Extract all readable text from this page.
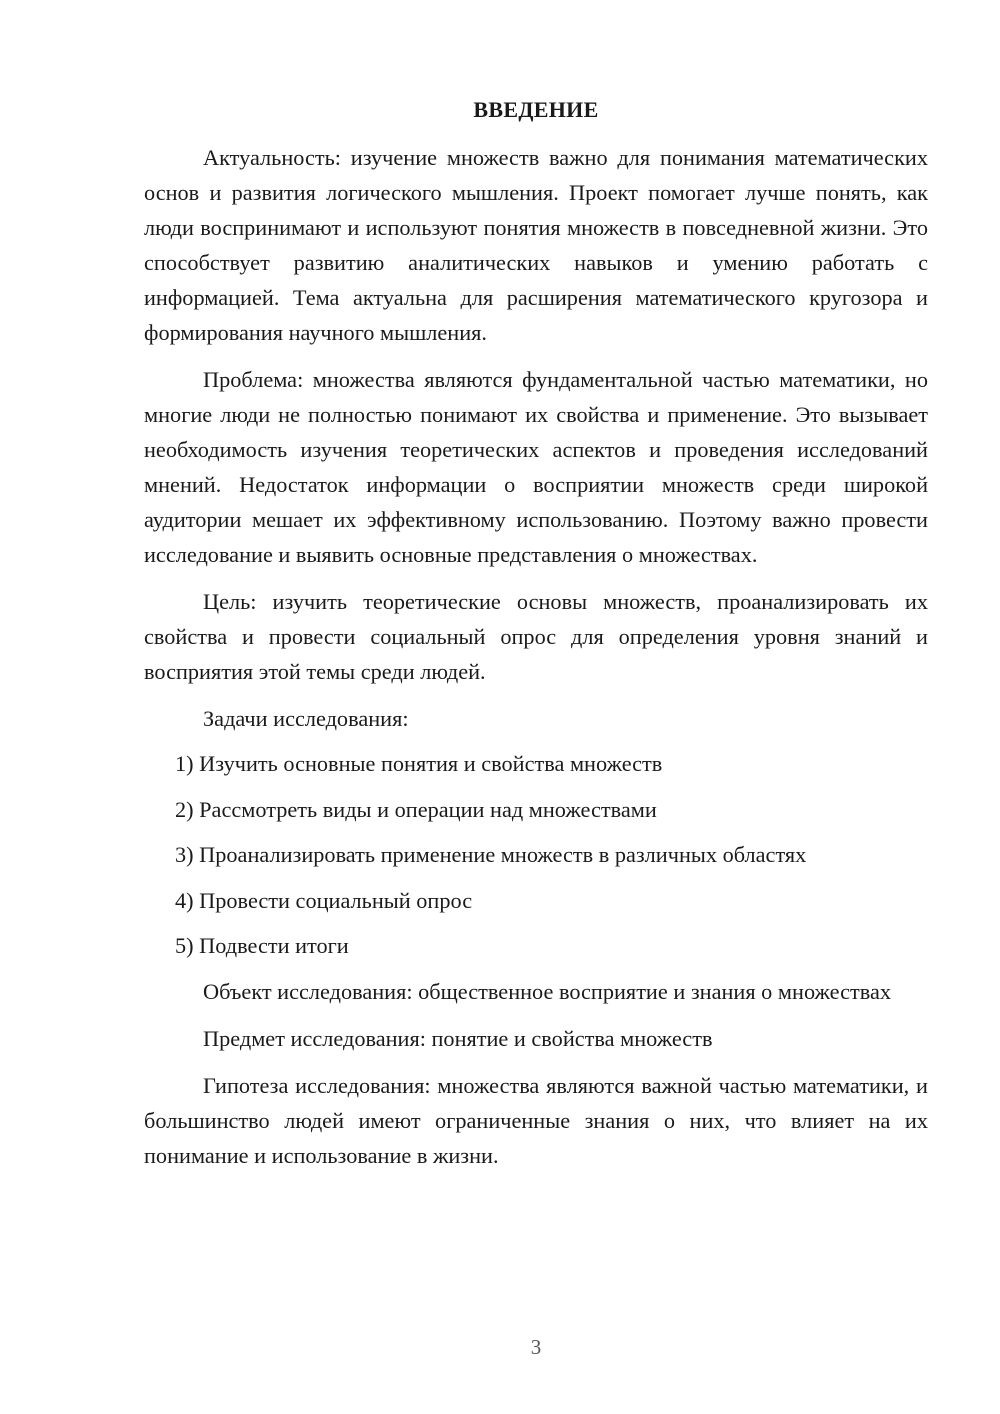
ВВЕДЕНИЕ

Актуальность: изучение множеств важно для понимания математических основ и развития логического мышления. Проект помогает лучше понять, как люди воспринимают и используют понятия множеств в повседневной жизни. Это способствует развитию аналитических навыков и умению работать с информацией. Тема актуальна для расширения математического кругозора и формирования научного мышления.

Проблема: множества являются фундаментальной частью математики, но многие люди не полностью понимают их свойства и применение. Это вызывает необходимость изучения теоретических аспектов и проведения исследований мнений. Недостаток информации о восприятии множеств среди широкой аудитории мешает их эффективному использованию. Поэтому важно провести исследование и выявить основные представления о множествах.

Цель: изучить теоретические основы множеств, проанализировать их свойства и провести социальный опрос для определения уровня знаний и восприятия этой темы среди людей.

Задачи исследования:

1) Изучить основные понятия и свойства множеств
2) Рассмотреть виды и операции над множествами
3) Проанализировать применение множеств в различных областях
4) Провести социальный опрос
5) Подвести итоги

Объект исследования: общественное восприятие и знания о множествах

Предмет исследования: понятие и свойства множеств

Гипотеза исследования: множества являются важной частью математики, и большинство людей имеют ограниченные знания о них, что влияет на их понимание и использование в жизни.

3
